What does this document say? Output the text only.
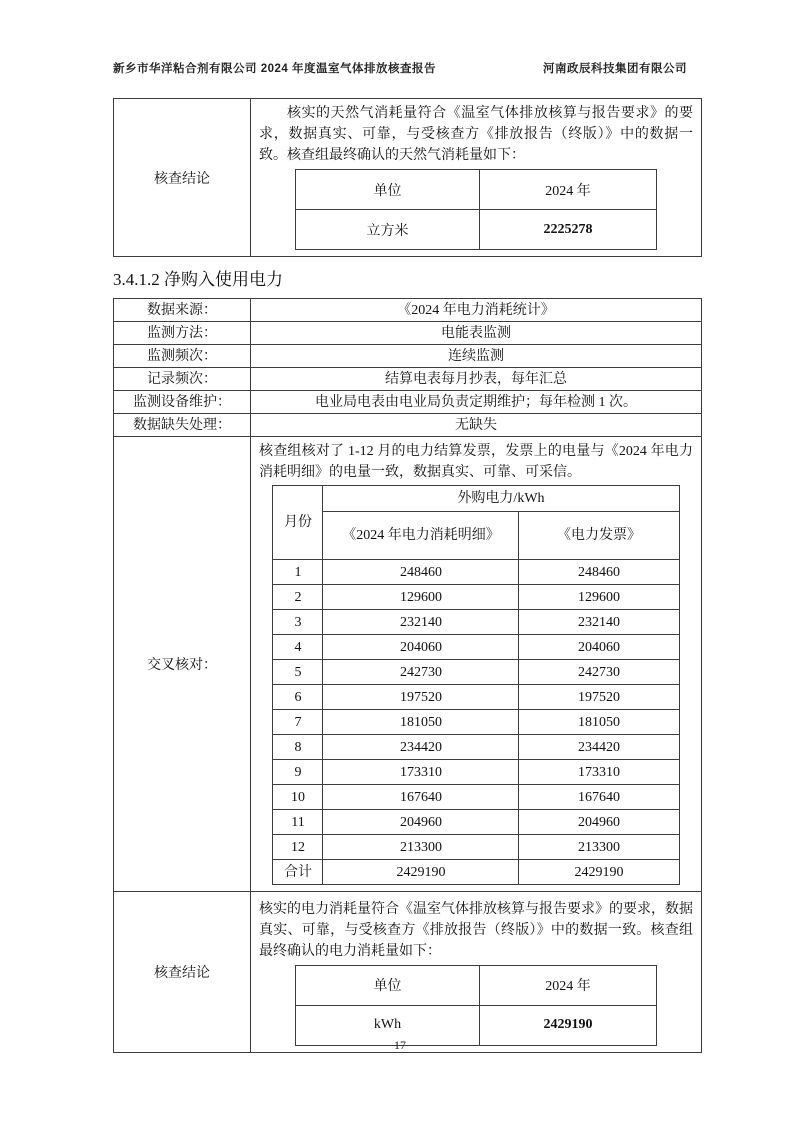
新乡市华洋粘合剂有限公司 2024 年度温室气体排放核查报告	河南政辰科技集团有限公司
核查结论	

核实的天然气消耗量符合《温室气体排放核算与报告要求》的要求，数据真实、可靠，与受核查方《排放报告（终版）》中的数据一致。核查组最终确认的天然气消耗量如下：

单位	2024 年
立方米	2225278
3.4.1.2 净购入使用电力
数据来源：	《2024 年电力消耗统计》
监测方法：	电能表监测
监测频次：	连续监测
记录频次：	结算电表每月抄表，每年汇总
监测设备维护：	电业局电表由电业局负责定期维护；每年检测 1 次。
数据缺失处理：	无缺失
交叉核对：	

核查组核对了 1-12 月的电力结算发票，发票上的电量与《2024 年电力消耗明细》的电量一致，数据真实、可靠、可采信。

月份	外购电力/kWh
《2024 年电力消耗明细》	《电力发票》
1	248460	248460
2	129600	129600
3	232140	232140
4	204060	204060
5	242730	242730
6	197520	197520
7	181050	181050
8	234420	234420
9	173310	173310
10	167640	167640
11	204960	204960
12	213300	213300
合计	2429190	2429190

核查结论	

核实的电力消耗量符合《温室气体排放核算与报告要求》的要求，数据真实、可靠，与受核查方《排放报告（终版）》中的数据一致。核查组最终确认的电力消耗量如下：

单位	2024 年
kWh	2429190
17
